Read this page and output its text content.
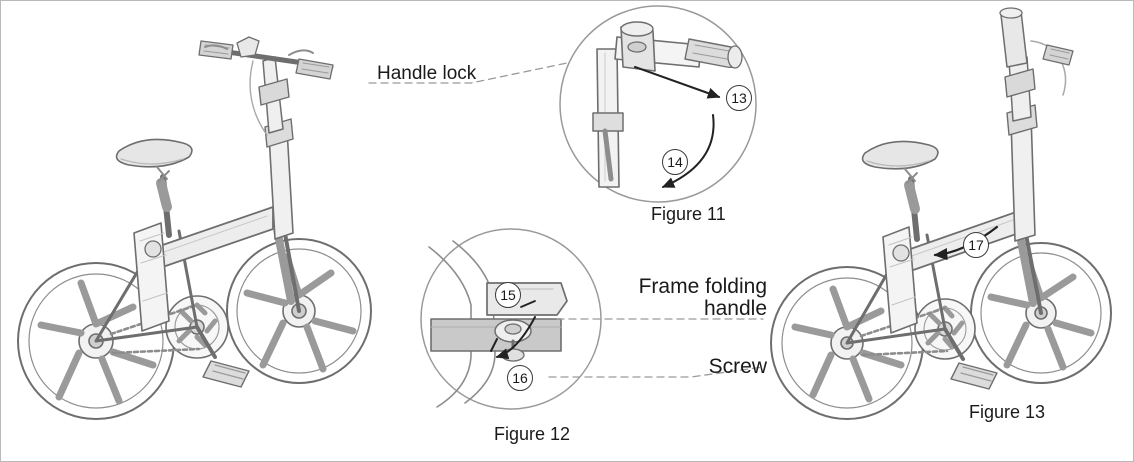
Handle lock
Frame folding
handle
Screw
13
14
15
16
17
Figure 11
Figure 12
Figure 13
